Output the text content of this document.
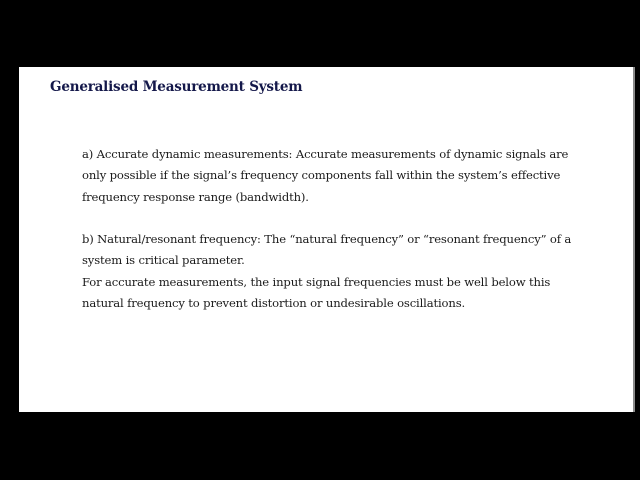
Generalised Measurement System

a) Accurate dynamic measurements: Accurate measurements of dynamic signals are
only possible if the signal’s frequency components fall within the system’s effective
frequency response range (bandwidth).

b) Natural/resonant frequency: The “natural frequency” or “resonant frequency” of a
system is critical parameter.
For accurate measurements, the input signal frequencies must be well below this
natural frequency to prevent distortion or undesirable oscillations.
